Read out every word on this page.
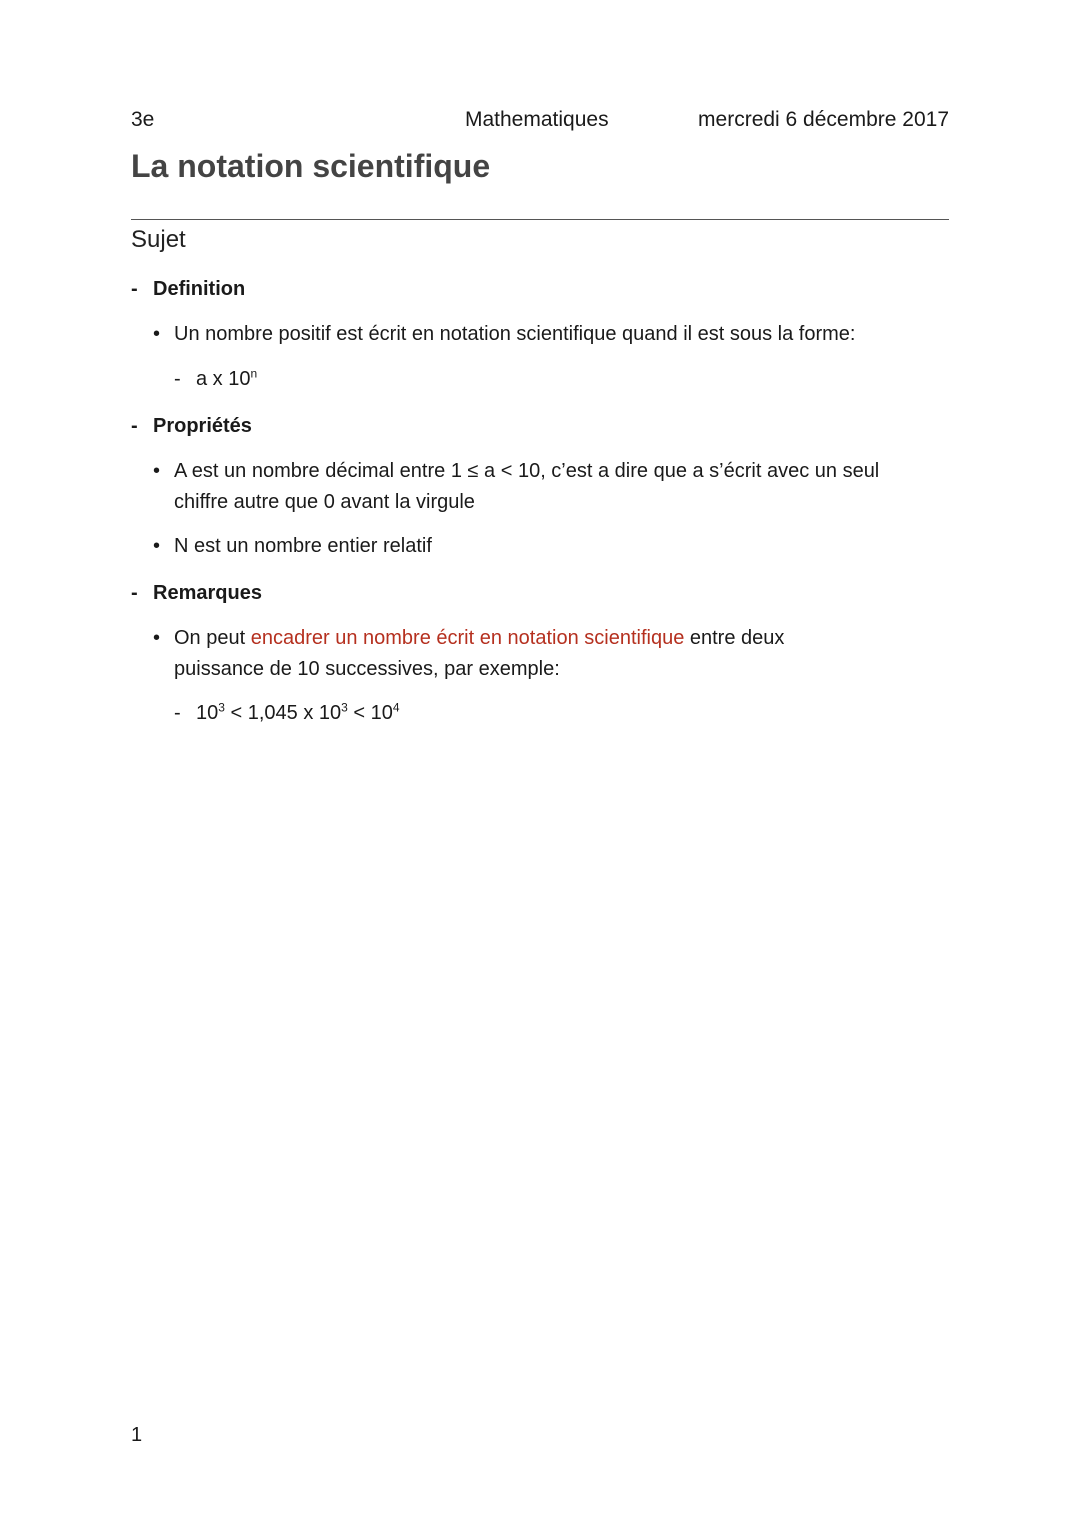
3e	Mathematiques	mercredi 6 décembre 2017
La notation scientifique
Sujet
- Definition
• Un nombre positif est écrit en notation scientifique quand il est sous la forme:
- a x 10$^n$
- Propriétés
• A est un nombre décimal entre 1 ≤ a < 10, c’est a dire que a s’écrit avec un seul chiffre autre que 0 avant la virgule
• N est un nombre entier relatif
- Remarques
• On peut encadrer un nombre écrit en notation scientifique entre deux puissance de 10 successives, par exemple:
- $10^3 < 1,045$ x $10^3 < 10^4$
1
